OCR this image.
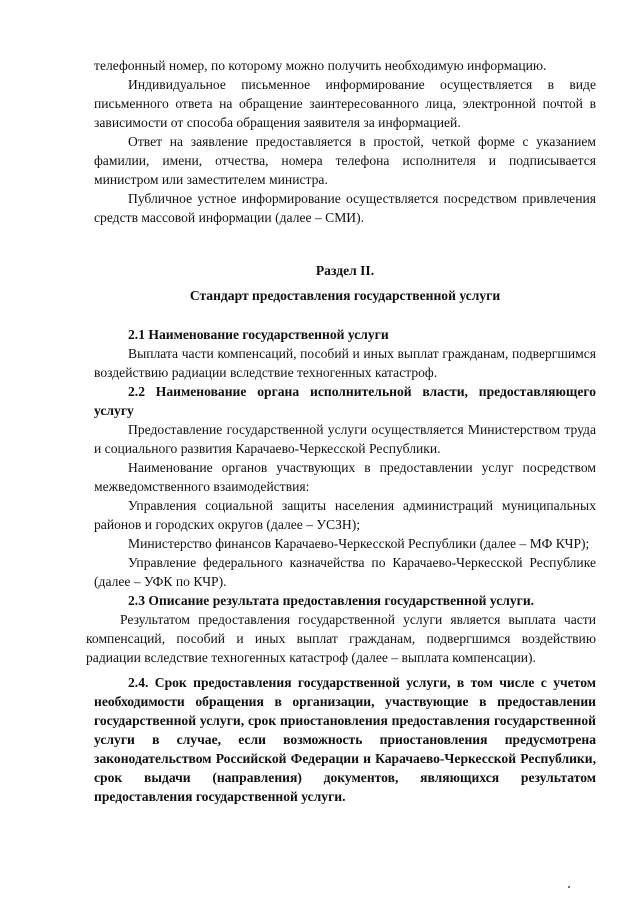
телефонный номер, по которому можно получить необходимую информацию.

Индивидуальное письменное информирование осуществляется в виде письменного ответа на обращение заинтересованного лица, электронной почтой в зависимости от способа обращения заявителя за информацией.

Ответ на заявление предоставляется в простой, четкой форме с указанием фамилии, имени, отчества, номера телефона исполнителя и подписывается министром или заместителем министра.

Публичное устное информирование осуществляется посредством привлечения средств массовой информации (далее – СМИ).

Раздел II.
Стандарт предоставления государственной услуги

2.1 Наименование государственной услуги

Выплата части компенсаций, пособий и иных выплат гражданам, подвергшимся воздействию радиации вследствие техногенных катастроф.

2.2 Наименование органа исполнительной власти, предоставляющего услугу

Предоставление государственной услуги осуществляется Министерством труда и социального развития Карачаево-Черкесской Республики.

Наименование органов участвующих в предоставлении услуг посредством межведомственного взаимодействия:

Управления социальной защиты населения администраций муниципальных районов и городских округов (далее – УСЗН);

Министерство финансов Карачаево-Черкесской Республики (далее – МФ КЧР);

Управление федерального казначейства по Карачаево-Черкесской Республике (далее – УФК по КЧР).

2.3 Описание результата предоставления государственной услуги.

Результатом предоставления государственной услуги является выплата части компенсаций, пособий и иных выплат гражданам, подвергшимся воздействию радиации вследствие техногенных катастроф (далее – выплата компенсации).

2.4. Срок предоставления государственной услуги, в том числе с учетом необходимости обращения в организации, участвующие в предоставлении государственной услуги, срок приостановления предоставления государственной услуги в случае, если возможность приостановления предусмотрена законодательством Российской Федерации и Карачаево-Черкесской Республики, срок выдачи (направления) документов, являющихся результатом предоставления государственной услуги.
